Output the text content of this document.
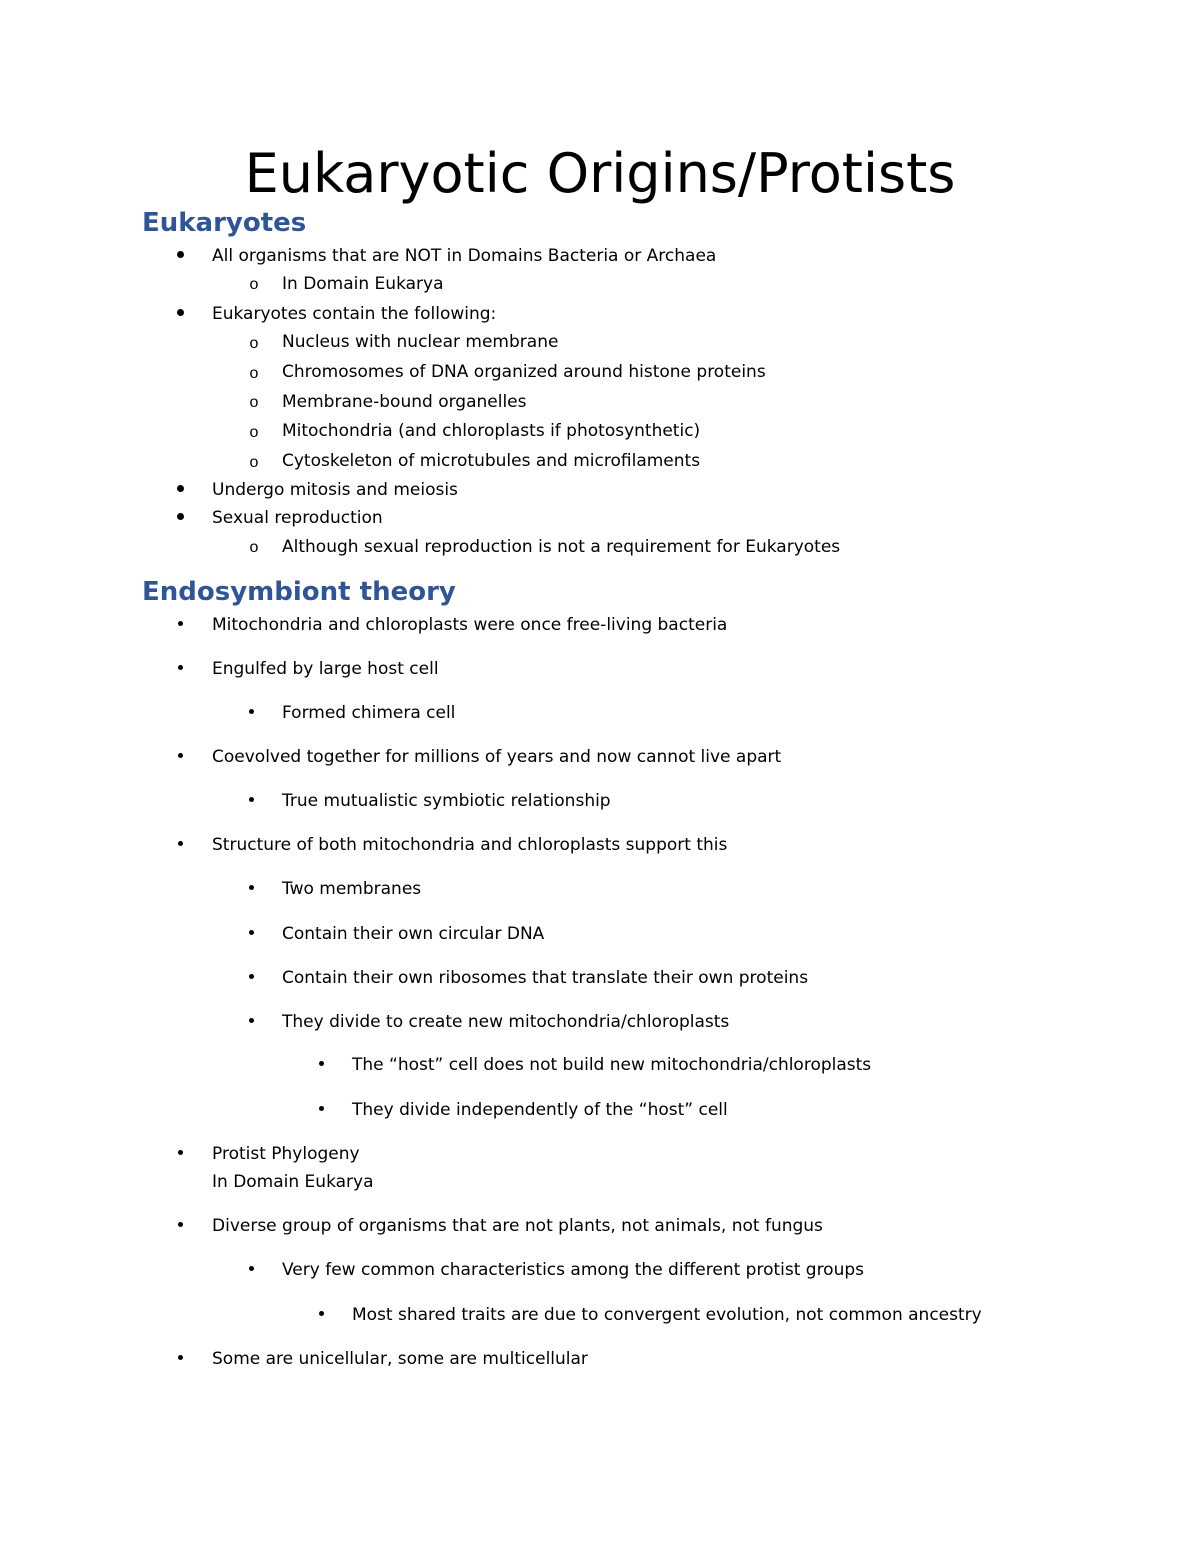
Eukaryotic Origins/Protists
Eukaryotes
All organisms that are NOT in Domains Bacteria or Archaea
o	In Domain Eukarya
Eukaryotes contain the following:
o	Nucleus with nuclear membrane
o	Chromosomes of DNA organized around histone proteins
o	Membrane-bound organelles
o	Mitochondria (and chloroplasts if photosynthetic)
o	Cytoskeleton of microtubules and microfilaments
Undergo mitosis and meiosis
Sexual reproduction
o	Although sexual reproduction is not a requirement for Eukaryotes
Endosymbiont theory
Mitochondria and chloroplasts were once free-living bacteria
Engulfed by large host cell
Formed chimera cell
Coevolved together for millions of years and now cannot live apart
True mutualistic symbiotic relationship
Structure of both mitochondria and chloroplasts support this
Two membranes
Contain their own circular DNA
Contain their own ribosomes that translate their own proteins
They divide to create new mitochondria/chloroplasts
The “host” cell does not build new mitochondria/chloroplasts
They divide independently of the “host” cell
Protist Phylogeny
In Domain Eukarya
Diverse group of organisms that are not plants, not animals, not fungus
Very few common characteristics among the different protist groups
Most shared traits are due to convergent evolution, not common ancestry
Some are unicellular, some are multicellular
